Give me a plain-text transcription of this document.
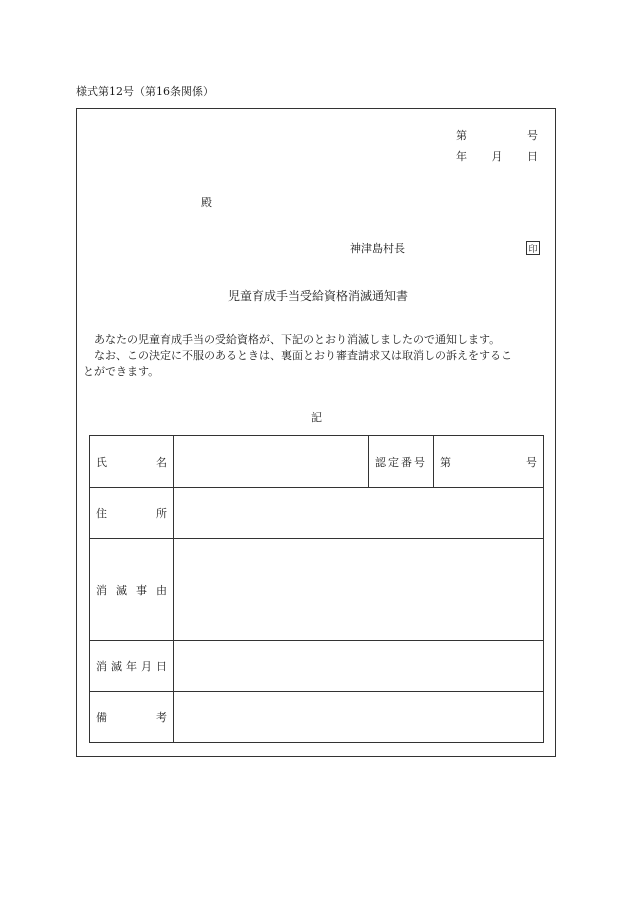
様式第12号（第16条関係）
第	号
年 月 日
殿
神津島村長	印
児童育成手当受給資格消滅通知書
あなたの児童育成手当の受給資格が、下記のとおり消滅しましたので通知します。
なお、この決定に不服のあるときは、裏面とおり審査請求又は取消しの訴えをするこ
とができます。
記
氏 名		認定番号	第 号

住 所			

消 滅 事 由			

消 滅 年 月 日			

備 考			
